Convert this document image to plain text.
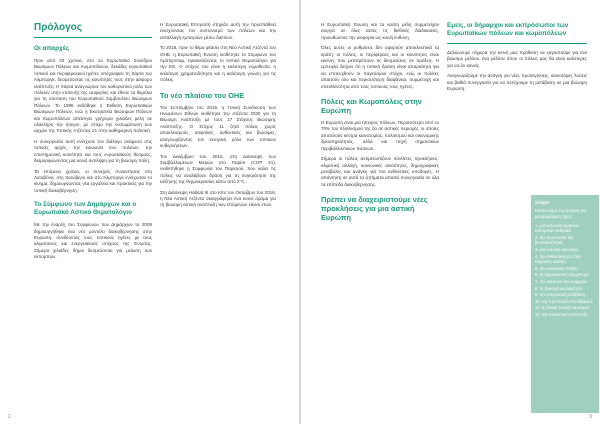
Πρόλογος
Οι απαρχές

Πριν από 20 χρόνια, στο 1ο Ευρωπαϊκό Συνέδριο Βιώσιμων Πόλεων και Κωμοπόλεων, δεκάδες ευρωπαϊκοί τοπικοί και περιφερειακοί ηγέτες υπέγραψαν τη Χάρτα του Άλμποργκ, δεσμεύοντας τις κοινότητές τους στην αειφόρο ανάπτυξη. Η Χάρτα αναγνώρισε τον καθοριστικό ρόλο των πόλεων στην επίτευξη της αειφορίας και έθεσε τα θεμέλια για τη σύσταση του Ευρωπαϊκού Συμβουλίου Βιώσιμων Πόλεων. Το 1996 εκδόθηκε η Έκθεση Ευρωπαϊκών Βιώσιμων Πόλεων, ενώ η Εκστρατεία Βιώσιμων Πόλεων και Κωμοπόλεων απέκτησε γρήγορα χιλιάδες μέλη σε ολόκληρη την ήπειρο, με στόχο την ενσωμάτωση των αρχών της Τοπικής Ατζέντας 21 στην καθημερινή πολιτική.

Η συνεργασία αυτή ενίσχυσε τον διάλογο ανάμεσα στις τοπικές αρχές, την κοινωνία των πολιτών, την επιστημονική κοινότητα και τους ευρωπαϊκούς θεσμούς, διαμορφώνοντας μια κοινή αντίληψη για τη βιώσιμη πόλη.

Τα επόμενα χρόνια, οι συνεχείς συναντήσεις στη Λισαβόνα, στη Χανόβερο και στο Άλμποργκ ενίσχυσαν το κίνημα, δημιουργώντας νέα εργαλεία και πρακτικές για την τοπική διακυβέρνηση.

Το Σύμφωνο των Δημάρχων και ο Ευρωπαϊκό Αστικό Θεματολόγιο

Με την έναρξη του Συμφώνου των Δημάρχων το 2008 δημιουργήθηκε ένα νέο μοντέλο διακυβέρνησης στην Ευρώπη, συνδέοντας τους τοπικούς ηγέτες με τους κλιματικούς και ενεργειακούς στόχους της Ένωσης. Σήμερα χιλιάδες δήμοι δεσμεύονται για μείωση των εκπομπών.

Η Ευρωπαϊκή Επιτροπή στηρίζει αυτή την προσπάθεια ενισχύοντας τον συντονισμό των πόλεων και την ανταλλαγή εμπειριών μέσω δικτύων.

Το 2016, πριν το θέμα φτάσει στη Νέα Αστική Ατζέντα του ΟΗΕ, η Ευρωπαϊκή Ένωση υιοθέτησε το Σύμφωνο του Άμστερνταμ, εγκαινιάζοντας το Αστικό Θεματολόγιο για την ΕΕ. Ο στόχος του είναι η καλύτερη νομοθεσία, η καλύτερη χρηματοδότηση και η καλύτερη γνώση για τις πόλεις.

Το νέο πλαίσιο του ΟΗΕ

Τον Σεπτέμβριο του 2015, η Γενική Συνέλευση των Ηνωμένων Εθνών υιοθέτησε την Ατζέντα 2030 για τη Βιώσιμη Ανάπτυξη με τους 17 Στόχους Βιώσιμης Ανάπτυξης. Ο Στόχος 11 ζητά πόλεις χωρίς αποκλεισμούς, ασφαλείς, ανθεκτικές και βιώσιμες, αναγνωρίζοντας τον κεντρικό ρόλο των τοπικών κυβερνήσεων.

Τον Δεκέμβριο του 2015, στη Διάσκεψη των Συμβαλλομένων Μερών στο Παρίσι (COP 21), υιοθετήθηκε η Συμφωνία του Παρισιού, που καλεί τις πόλεις να αναλάβουν δράση για τη συγκράτηση της αύξησης της θερμοκρασίας κάτω από 2°C.

Στη Διάσκεψη Habitat III στο Κίτο τον Οκτώβριο του 2016, η Νέα Αστική Ατζέντα σκιαγράφησε ένα κοινό όραμα για τη βιώσιμη αστική ανάπτυξη των επόμενων είκοσι ετών.

2

Η Ευρωπαϊκή Ένωση και τα κράτη μέλη συμμετείχαν ενεργά σε όλες αυτές τις διεθνείς διαδικασίες, προωθώντας την αειφορία ως κοινή ευθύνη.

Όλες αυτές οι ρυθμίσεις δεν αφορούν αποκλειστικά τα κράτη: οι πόλεις, οι περιφέρειες και οι κοινότητες είναι εκείνες που μετατρέπουν τις δεσμεύσεις σε πράξεις. Η εμπειρία δείχνει ότι η τοπική δράση είναι απαραίτητη για να επιτευχθούν οι παγκόσμιοι στόχοι, ενώ οι πολίτες απαιτούν όλο και περισσότερη διαφάνεια, συμμετοχή και υπευθυνότητα από τους τοπικούς τους ηγέτες.

Πόλεις και Κωμοπόλεις στην Ευρώπη

Η Ευρώπη είναι μια ήπειρος πόλεων. Περισσότερο από το 70% του πληθυσμού της ζει σε αστικές περιοχές, οι οποίες αποτελούν κέντρα καινοτομίας, πολιτισμού και οικονομικής δραστηριότητας, αλλά και πηγή σημαντικών περιβαλλοντικών πιέσεων.

Σήμερα οι πόλεις αντιμετωπίζουν σύνθετες προκλήσεις: κλιματική αλλαγή, κοινωνικές ανισότητες, δημογραφικές μεταβολές και ανάγκη για πιο ανθεκτικές υποδομές. Η απάντηση σε αυτά τα ζητήματα απαιτεί συνεργασία σε όλα τα επίπεδα διακυβέρνησης.

Πρέπει να διαχειριστούμε νέες προκλήσεις για μια αστική Ευρώπη
Εμείς, οι δήμαρχοι και εκπρόσωποι των Ευρωπαϊκών πόλεων και κωμοπόλεων

Δηλώνουμε σήμερα την κοινή μας πρόθεση να εργαστούμε για ένα βιώσιμο μέλλον, ένα μέλλον όπου οι πόλεις μας θα είναι καλύτερες για να ζει κανείς.

Αναγνωρίζουμε την ανάγκη για νέες προσεγγίσεις, καινοτόμες λύσεις και βαθιά συνεργασία για να πετύχουμε τη μετάβαση σε μια βιώσιμη Ευρώπη.

3
Στόχοι
Κατανοούμε την ανάγκη για μεταρρύθμιση προς:
1. μια κοινωνία χαμηλών εκπομπών άνθρακα
2. την προστασία της βιοποικιλότητας
3. μια κυκλική οικονομία
4. την ανθεκτικότητα στην κλιματική αλλαγή
5. την κοινωνική ένταξη
6. τη δημοκρατική συμμετοχή
7. την υγεία και την ευημερία
8. τη βιώσιμη κινητικότητα
9. την ενεργειακή μετάβαση
10. την προστασία του εδάφους
11. τη δίκαιη τοπική οικονομία
12. την πολιτιστική ανάπτυξη
